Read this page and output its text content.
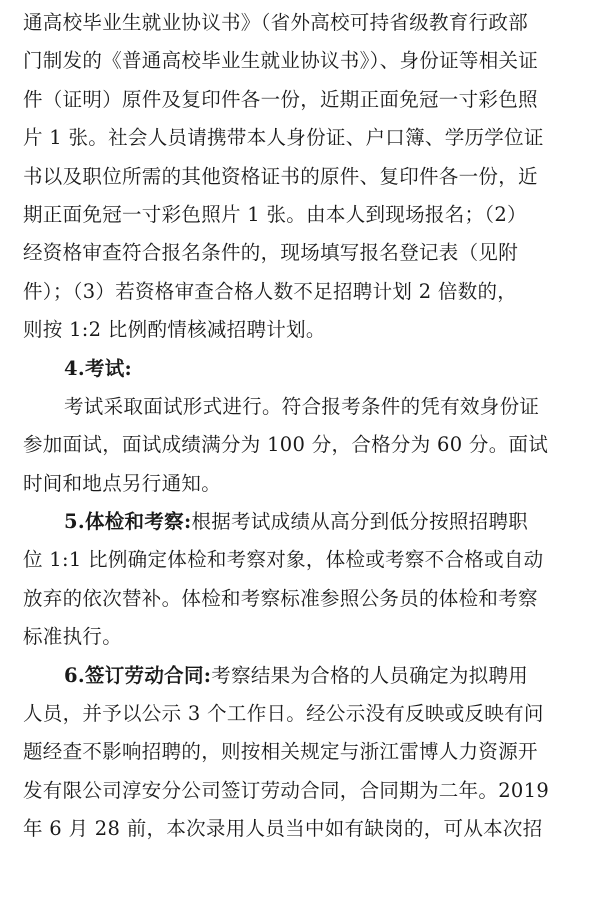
通高校毕业生就业协议书》（省外高校可持省级教育行政部
门制发的《普通高校毕业生就业协议书》）、身份证等相关证
件（证明）原件及复印件各一份，近期正面免冠一寸彩色照
片 1 张。社会人员请携带本人身份证、户口簿、学历学位证
书以及职位所需的其他资格证书的原件、复印件各一份，近
期正面免冠一寸彩色照片 1 张。由本人到现场报名；（2）
经资格审查符合报名条件的，现场填写报名登记表（见附
件）；（3）若资格审查合格人数不足招聘计划 2 倍数的，
则按 1:2 比例酌情核减招聘计划。
4.考试:
考试采取面试形式进行。符合报考条件的凭有效身份证
参加面试，面试成绩满分为 100 分，合格分为 60 分。面试
时间和地点另行通知。
5.体检和考察:根据考试成绩从高分到低分按照招聘职
位 1:1 比例确定体检和考察对象，体检或考察不合格或自动
放弃的依次替补。体检和考察标准参照公务员的体检和考察
标准执行。
6.签订劳动合同:考察结果为合格的人员确定为拟聘用
人员，并予以公示 3 个工作日。经公示没有反映或反映有问
题经查不影响招聘的，则按相关规定与浙江雷博人力资源开
发有限公司淳安分公司签订劳动合同，合同期为二年。2019
年 6 月 28 前，本次录用人员当中如有缺岗的，可从本次招
